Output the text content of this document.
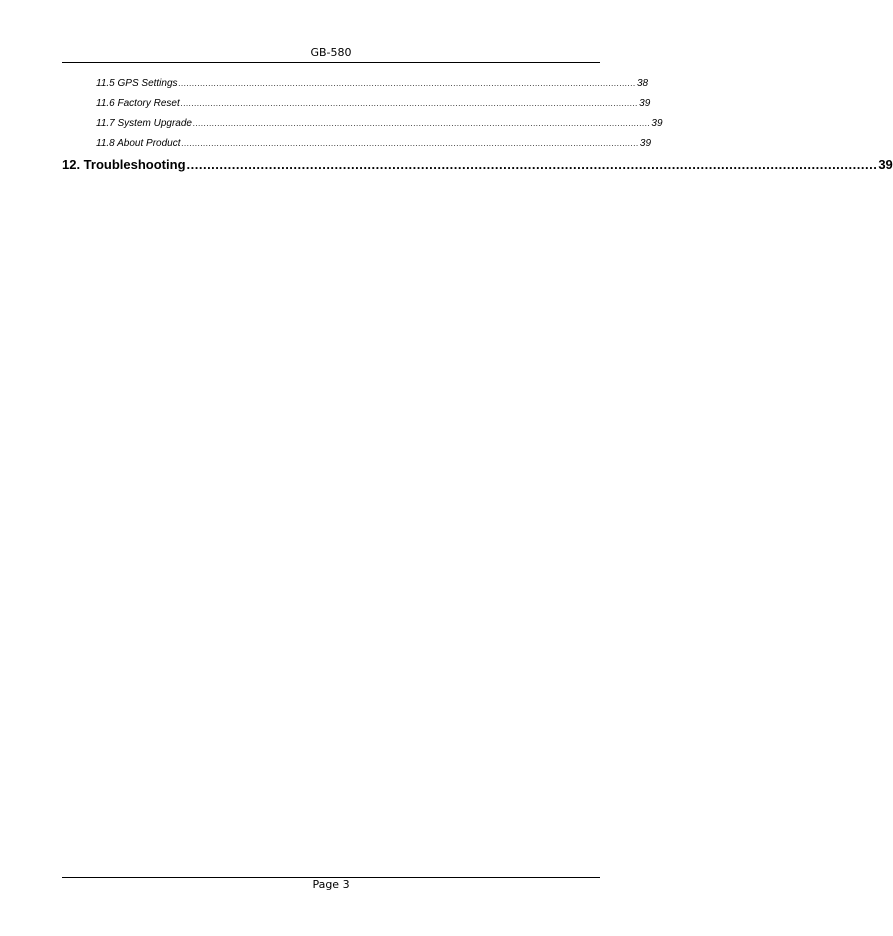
GB-580
11.5 GPS Settings ........................................................................................................................................................................ 38
11.6 Factory Reset ........................................................................................................................................................................ 39
11.7 System Upgrade ........................................................................................................................................................................ 39
11.8 About Product ........................................................................................................................................................................ 39
12. Troubleshooting ........................................................................................................................................................................ 39
Page 3
